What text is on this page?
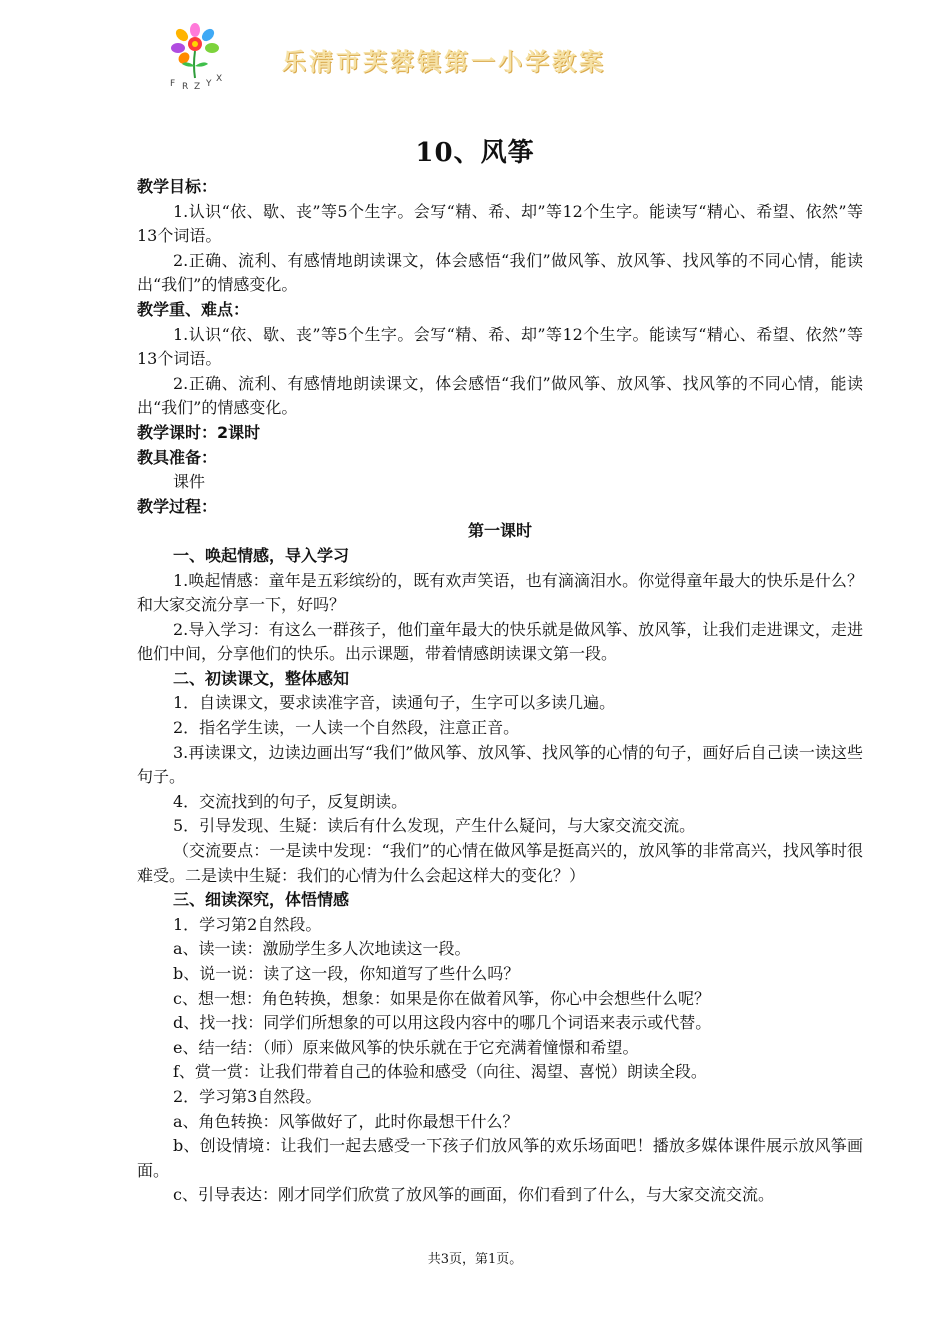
F R Z Y X
乐清市芙蓉镇第一小学教案
10、风筝
教学目标：
1.认识“依、歇、丧”等5个生字。会写“精、希、却”等12个生字。能读写“精心、希望、依然”等13个词语。
2.正确、流利、有感情地朗读课文，体会感悟“我们”做风筝、放风筝、找风筝的不同心情，能读出“我们”的情感变化。
教学重、难点：
1.认识“依、歇、丧”等5个生字。会写“精、希、却”等12个生字。能读写“精心、希望、依然”等13个词语。
2.正确、流利、有感情地朗读课文，体会感悟“我们”做风筝、放风筝、找风筝的不同心情，能读出“我们”的情感变化。
教学课时：2课时
教具准备：
课件
教学过程：
第一课时
一、唤起情感，导入学习
1.唤起情感：童年是五彩缤纷的，既有欢声笑语，也有滴滴泪水。你觉得童年最大的快乐是什么？和大家交流分享一下，好吗？
2.导入学习：有这么一群孩子，他们童年最大的快乐就是做风筝、放风筝，让我们走进课文，走进他们中间，分享他们的快乐。出示课题，带着情感朗读课文第一段。
二、初读课文，整体感知
1．自读课文，要求读准字音，读通句子，生字可以多读几遍。
2．指名学生读，一人读一个自然段，注意正音。
3.再读课文，边读边画出写“我们”做风筝、放风筝、找风筝的心情的句子，画好后自己读一读这些句子。
4．交流找到的句子，反复朗读。
5．引导发现、生疑：读后有什么发现，产生什么疑问，与大家交流交流。
（交流要点：一是读中发现：“我们”的心情在做风筝是挺高兴的，放风筝的非常高兴，找风筝时很难受。二是读中生疑：我们的心情为什么会起这样大的变化？）
三、细读深究，体悟情感
1．学习第2自然段。
a、读一读：激励学生多人次地读这一段。
b、说一说：读了这一段，你知道写了些什么吗？
c、想一想：角色转换，想象：如果是你在做着风筝，你心中会想些什么呢？
d、找一找：同学们所想象的可以用这段内容中的哪几个词语来表示或代替。
e、结一结：（师）原来做风筝的快乐就在于它充满着憧憬和希望。
f、赏一赏：让我们带着自己的体验和感受（向往、渴望、喜悦）朗读全段。
2．学习第3自然段。
a、角色转换：风筝做好了，此时你最想干什么？
b、创设情境：让我们一起去感受一下孩子们放风筝的欢乐场面吧！播放多媒体课件展示放风筝画面。
c、引导表达：刚才同学们欣赏了放风筝的画面，你们看到了什么，与大家交流交流。
共3页，第1页。
